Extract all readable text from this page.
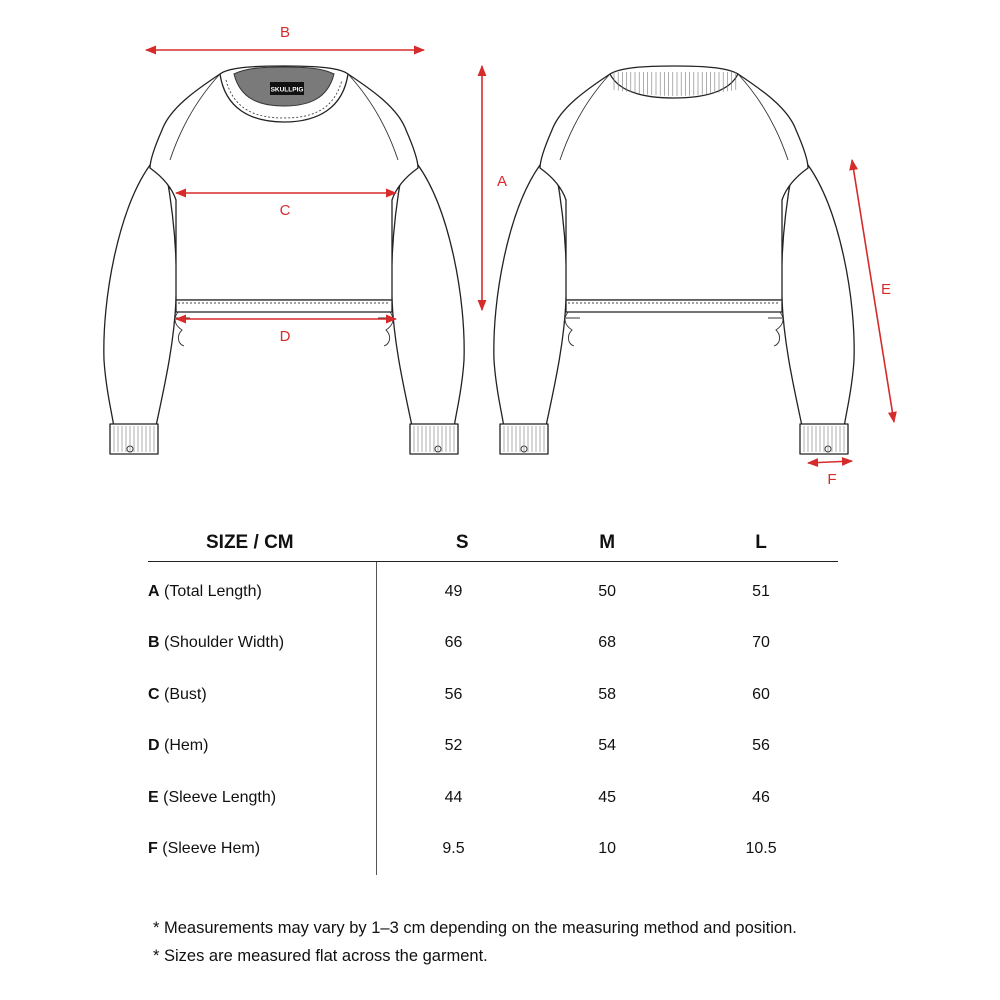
SKULLPIG
B
A
C
D
E
F
SIZE / CM	S	M	L
A (Total Length)	49	50	51
B (Shoulder Width)	66	68	70
C (Bust)	56	58	60
D (Hem)	52	54	56
E (Sleeve Length)	44	45	46
F (Sleeve Hem)	9.5	10	10.5

* Measurements may vary by 1–3 cm depending on the measuring method and position.

* Sizes are measured flat across the garment.
